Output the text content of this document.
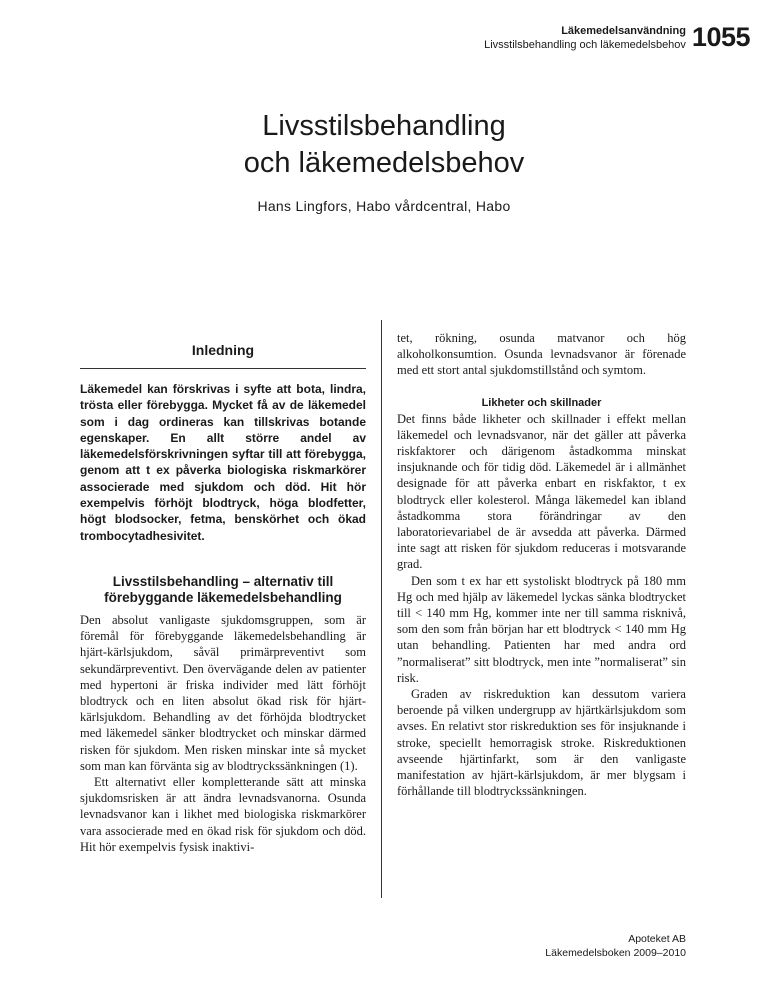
Läkemedelsanvändning
Livsstilsbehandling och läkemedelsbehov 1055
Livsstilsbehandling
och läkemedelsbehov
Hans Lingfors, Habo vårdcentral, Habo
Inledning

Läkemedel kan förskrivas i syfte att bota, lindra, trösta eller förebygga. Mycket få av de läkemedel som i dag ordineras kan tillskrivas botande egenskaper. En allt större andel av läkemedelsförskrivningen syftar till att förebygga, genom att t ex påverka biologiska riskmarkörer associerade med sjukdom och död. Hit hör exempelvis förhöjt blodtryck, höga blodfetter, högt blodsocker, fetma, benskörhet och ökad trombocytadhesivitet.

Livsstilsbehandling – alternativ till
förebyggande läkemedelsbehandling

Den absolut vanligaste sjukdomsgruppen, som är föremål för förebyggande läkemedelsbehandling är hjärt-kärlsjukdom, såväl primärpreventivt som sekundärpreventivt. Den övervägande delen av patienter med hypertoni är friska individer med lätt förhöjt blodtryck och en liten absolut ökad risk för hjärt-kärlsjukdom. Behandling av det förhöjda blodtrycket med läkemedel sänker blodtrycket och minskar därmed risken för sjukdom. Men risken minskar inte så mycket som man kan förvänta sig av blodtryckssänkningen (1).

Ett alternativt eller kompletterande sätt att minska sjukdomsrisken är att ändra levnadsvanorna. Osunda levnadsvanor kan i likhet med biologiska riskmarkörer vara associerade med en ökad risk för sjukdom och död. Hit hör exempelvis fysisk inaktivi-

tet, rökning, osunda matvanor och hög alkoholkonsumtion. Osunda levnadsvanor är förenade med ett stort antal sjukdomstillstånd och symtom.

Likheter och skillnader

Det finns både likheter och skillnader i effekt mellan läkemedel och levnadsvanor, när det gäller att påverka riskfaktorer och därigenom åstadkomma minskat insjuknande och för tidig död. Läkemedel är i allmänhet designade för att påverka enbart en riskfaktor, t ex blodtryck eller kolesterol. Många läkemedel kan ibland åstadkomma stora förändringar av den laboratorievariabel de är avsedda att påverka. Därmed inte sagt att risken för sjukdom reduceras i motsvarande grad.

Den som t ex har ett systoliskt blodtryck på 180 mm Hg och med hjälp av läkemedel lyckas sänka blodtrycket till < 140 mm Hg, kommer inte ner till samma risknivå, som den som från början har ett blodtryck < 140 mm Hg utan behandling. Patienten har med andra ord ”normaliserat” sitt blodtryck, men inte ”normaliserat” sin risk.

Graden av riskreduktion kan dessutom variera beroende på vilken undergrupp av hjärtkärlsjukdom som avses. En relativt stor riskreduktion ses för insjuknande i stroke, speciellt hemorragisk stroke. Riskreduktionen avseende hjärtinfarkt, som är den vanligaste manifestation av hjärt-kärlsjukdom, är mer blygsam i förhållande till blodtryckssänkningen.

Apoteket AB
Läkemedelsboken 2009–2010
